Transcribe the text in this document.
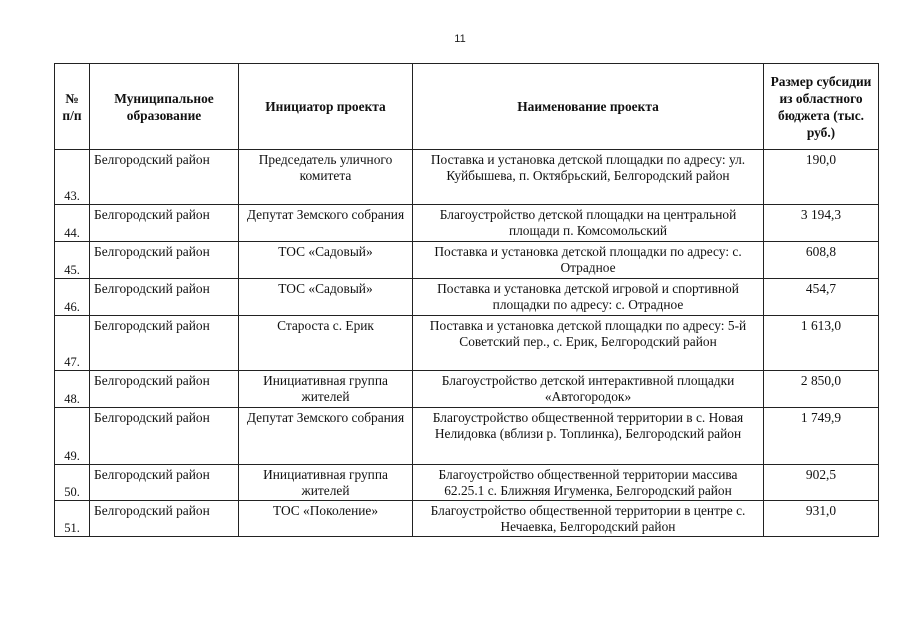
11
№ п/п	Муниципальное образование	Инициатор проекта	Наименование проекта	Размер субсидии из областного бюджета (тыс. руб.)
43.	Белгородский район	Председатель уличного комитета	Поставка и установка детской площадки по адресу: ул. Куйбышева, п. Октябрьский, Белгородский район	190,0
44.	Белгородский район	Депутат Земского собрания	Благоустройство детской площадки на центральной площади п. Комсомольский	3 194,3
45.	Белгородский район	ТОС «Садовый»	Поставка и установка детской площадки по адресу: с. Отрадное	608,8
46.	Белгородский район	ТОС «Садовый»	Поставка и установка детской игровой и спортивной площадки по адресу: с. Отрадное	454,7
47.	Белгородский район	Староста с. Ерик	Поставка и установка детской площадки по адресу: 5-й Советский пер., с. Ерик, Белгородский район	1 613,0
48.	Белгородский район	Инициативная группа жителей	Благоустройство детской интерактивной площадки «Автогородок»	2 850,0
49.	Белгородский район	Депутат Земского собрания	Благоустройство общественной территории в с. Новая Нелидовка (вблизи р. Топлинка), Белгородский район	1 749,9
50.	Белгородский район	Инициативная группа жителей	Благоустройство общественной территории массива 62.25.1 с. Ближняя Игуменка, Белгородский район	902,5
51.	Белгородский район	ТОС «Поколение»	Благоустройство общественной территории в центре с. Нечаевка, Белгородский район	931,0
